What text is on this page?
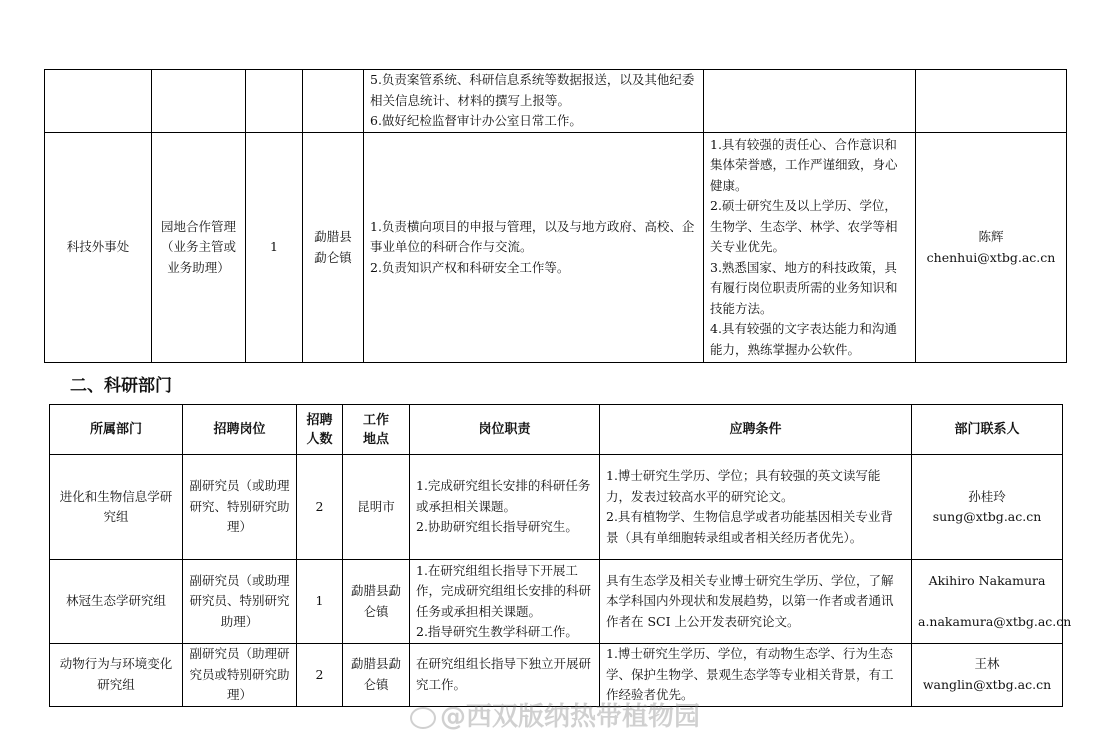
				5.负责案管系统、科研信息系统等数据报送，以及其他纪委相关信息统计、材料的撰写上报等。
6.做好纪检监督审计办公室日常工作。		

科技外事处	园地合作管理（业务主管或业务助理）	1	勐腊县勐仑镇	1.负责横向项目的申报与管理，以及与地方政府、高校、企事业单位的科研合作与交流。
2.负责知识产权和科研安全工作等。	1.具有较强的责任心、合作意识和集体荣誉感，工作严谨细致，身心健康。
2.硕士研究生及以上学历、学位，生物学、生态学、林学、农学等相关专业优先。
3.熟悉国家、地方的科技政策，具有履行岗位职责所需的业务知识和技能方法。
4.具有较强的文字表达能力和沟通能力，熟练掌握办公软件。	陈辉
chenhui@xtbg.ac.cn
二、科研部门
所属部门	招聘岗位	招聘人数	工作地点	岗位职责	应聘条件	部门联系人
进化和生物信息学研究组	副研究员（或助理研究、特别研究助理）	2	昆明市	1.完成研究组长安排的科研任务或承担相关课题。
2.协助研究组长指导研究生。	1.博士研究生学历、学位；具有较强的英文读写能力，发表过较高水平的研究论文。
2.具有植物学、生物信息学或者功能基因相关专业背景（具有单细胞转录组或者相关经历者优先）。	孙桂玲
sung@xtbg.ac.cn

林冠生态学研究组	副研究员（或助理研究员、特别研究助理）	1	勐腊县勐仑镇	1.在研究组组长指导下开展工作，完成研究组组长安排的科研任务或承担相关课题。
2.指导研究生教学科研工作。	具有生态学及相关专业博士研究生学历、学位，了解本学科国内外现状和发展趋势，以第一作者或者通讯作者在 SCI 上公开发表研究论文。	Akihiro Nakamura
a.nakamura@xtbg.ac.cn

动物行为与环境变化研究组	副研究员（助理研究员或特别研究助理）	2	勐腊县勐仑镇	在研究组组长指导下独立开展研究工作。	1.博士研究生学历、学位，有动物生态学、行为生态学、保护生物学、景观生态学等专业相关背景，有工作经验者优先。	王林
wanglin@xtbg.ac.cn
@西双版纳热带植物园
